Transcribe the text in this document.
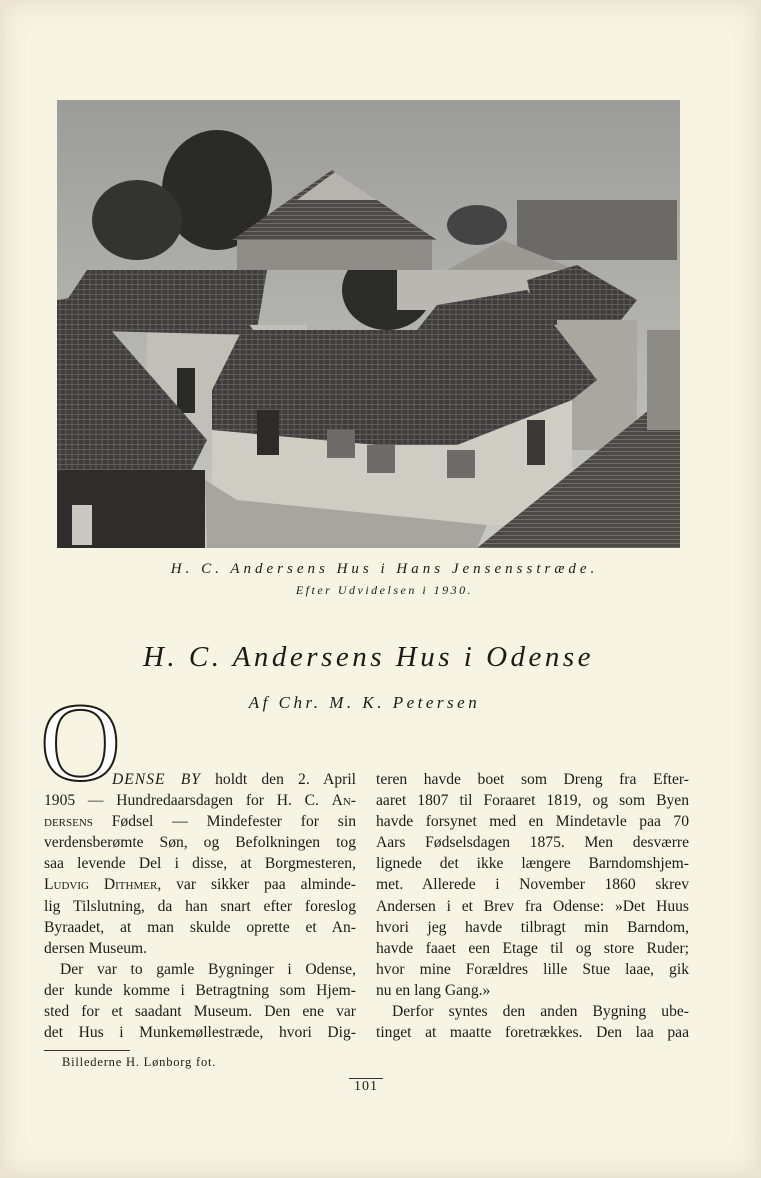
H. C. Andersens Hus i Hans Jensensstræde.
Efter Udvidelsen i 1930.
H. C. Andersens Hus i Odense
Af Chr. M. K. Petersen
O
DENSE BY holdt den 2. April
1905 — Hundredaarsdagen for H. C. An-
dersens Fødsel — Mindefester for sin
verdensberømte Søn, og Befolkningen tog
saa levende Del i disse, at Borgmesteren,
Ludvig Dithmer, var sikker paa alminde-
lig Tilslutning, da han snart efter foreslog
Byraadet, at man skulde oprette et An-
dersen Museum.
Der var to gamle Bygninger i Odense,
der kunde komme i Betragtning som Hjem-
sted for et saadant Museum. Den ene var
det Hus i Munkemøllestræde, hvori Dig-
teren havde boet som Dreng fra Efter-
aaret 1807 til Foraaret 1819, og som Byen
havde forsynet med en Mindetavle paa 70
Aars Fødselsdagen 1875. Men desværre
lignede det ikke længere Barndomshjem-
met. Allerede i November 1860 skrev
Andersen i et Brev fra Odense: »Det Huus
hvori jeg havde tilbragt min Barndom,
havde faaet een Etage til og store Ruder;
hvor mine Forældres lille Stue laae, gik
nu en lang Gang.»
Derfor syntes den anden Bygning ube-
tinget at maatte foretrækkes. Den laa paa
Billederne H. Lønborg fot.
101
